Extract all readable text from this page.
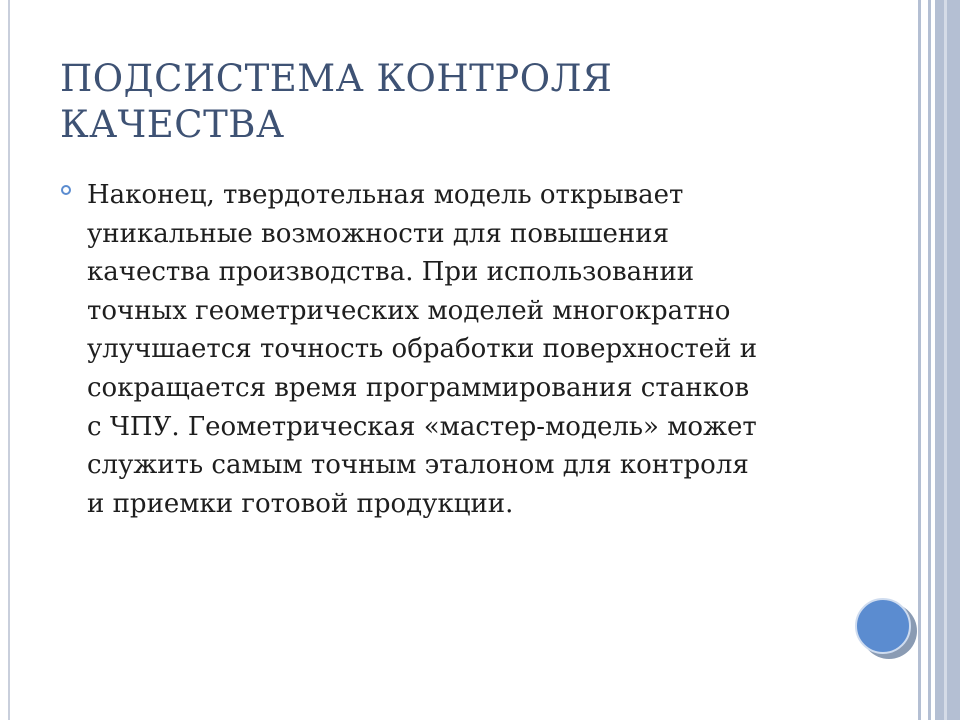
ПОДСИСТЕМА КОНТРОЛЯ
КАЧЕСТВА
Наконец, твердотельная модель открывает
уникальные возможности для повышения
качества производства. При использовании
точных геометрических моделей многократно
улучшается точность обработки поверхностей и
сокращается время программирования станков
с ЧПУ. Геометрическая «мастер-модель» может
служить самым точным эталоном для контроля
и приемки готовой продукции.
